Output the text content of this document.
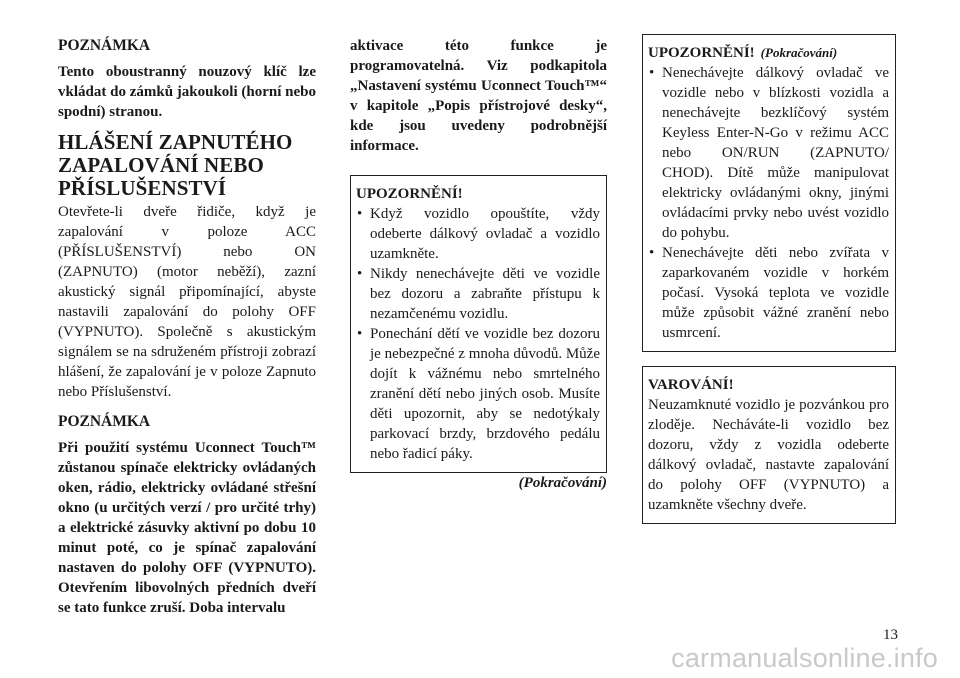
POZNÁMKA

Tento oboustranný nouzový klíč lze vkládat do zámků jakoukoli (horní nebo spodní) stranou.

HLÁŠENÍ ZAPNUTÉHO ZAPALOVÁNÍ NEBO PŘÍSLUŠENSTVÍ

Otevřete-li dveře řidiče, když je zapalování v poloze ACC (PŘÍSLUŠENSTVÍ) nebo ON (ZAPNUTO) (motor neběží), zazní akustický signál připomínající, abyste nastavili zapalování do polohy OFF (VYPNUTO). Společně s akustickým signálem se na sdruženém přístroji zobrazí hlášení, že zapalování je v poloze Zapnuto nebo Příslušenství.

POZNÁMKA

Při použití systému Uconnect Touch™ zůstanou spínače elektricky ovládaných oken, rádio, elektricky ovládané střešní okno (u určitých verzí / pro určité trhy) a elektrické zásuvky aktivní po dobu 10 minut poté, co je spínač zapalování nastaven do polohy OFF (VYPNUTO). Otevřením libovolných předních dveří se tato funkce zruší. Doba intervalu

aktivace této funkce je programovatelná. Viz podkapitola „Nastavení systému Uconnect Touch™“ v kapitole „Popis přístrojové desky“, kde jsou uvedeny podrobnější informace.

UPOZORNĚNÍ!

• Když vozidlo opouštíte, vždy odeberte dálkový ovladač a vozidlo uzamkněte.
• Nikdy nenechávejte děti ve vozidle bez dozoru a zabraňte přístupu k nezamčenému vozidlu.
• Ponechání dětí ve vozidle bez dozoru je nebezpečné z mnoha důvodů. Může dojít k vážnému nebo smrtelného zranění dětí nebo jiných osob. Musíte děti upozornit, aby se nedotýkaly parkovací brzdy, brzdového pedálu nebo řadicí páky.

(Pokračování)

UPOZORNĚNÍ! (Pokračování)

• Nenechávejte dálkový ovladač ve vozidle nebo v blízkosti vozidla a nenechávejte bezklíčový systém Keyless Enter-N-Go v režimu ACC nebo ON/RUN (ZAPNUTO/ CHOD). Dítě může manipulovat elektricky ovládanými okny, jinými ovládacími prvky nebo uvést vozidlo do pohybu.
• Nenechávejte děti nebo zvířata v zaparkovaném vozidle v horkém počasí. Vysoká teplota ve vozidle může způsobit vážné zranění nebo usmrcení.

VAROVÁNÍ!

Neuzamknuté vozidlo je pozvánkou pro zloděje. Necháváte-li vozidlo bez dozoru, vždy z vozidla odeberte dálkový ovladač, nastavte zapalování do polohy OFF (VYPNUTO) a uzamkněte všechny dveře.

13
carmanualsonline.info
